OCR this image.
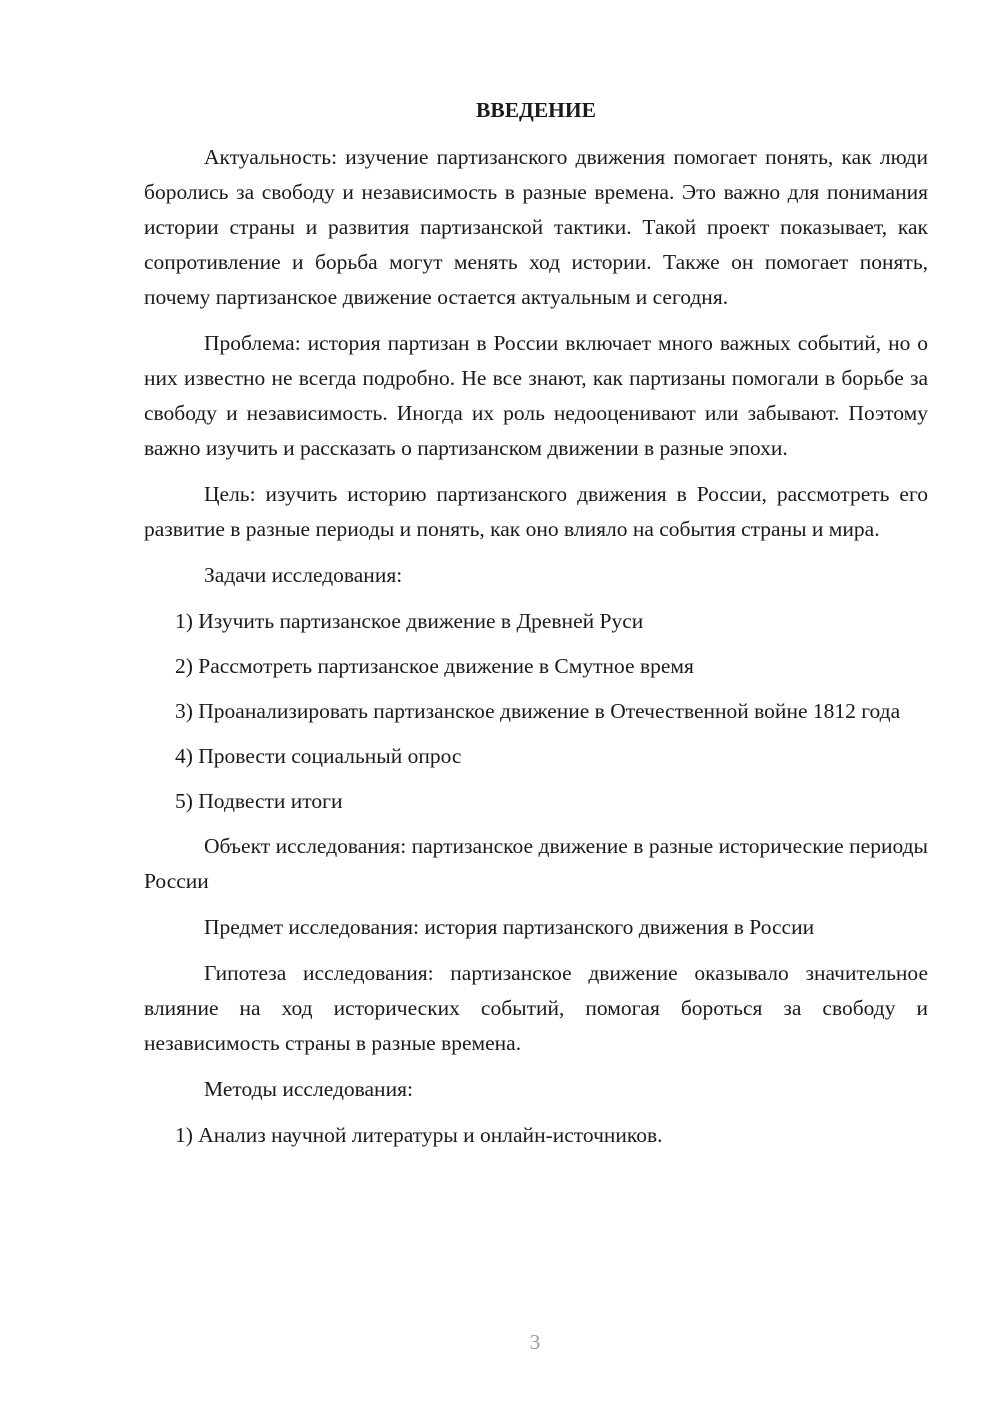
ВВЕДЕНИЕ

Актуальность: изучение партизанского движения помогает понять, как люди боролись за свободу и независимость в разные времена. Это важно для понимания истории страны и развития партизанской тактики. Такой проект показывает, как сопротивление и борьба могут менять ход истории. Также он помогает понять, почему партизанское движение остается актуальным и сегодня.

Проблема: история партизан в России включает много важных событий, но о них известно не всегда подробно. Не все знают, как партизаны помогали в борьбе за свободу и независимость. Иногда их роль недооценивают или забывают. Поэтому важно изучить и рассказать о партизанском движении в разные эпохи.

Цель: изучить историю партизанского движения в России, рассмотреть его развитие в разные периоды и понять, как оно влияло на события страны и мира.

Задачи исследования:

1) Изучить партизанское движение в Древней Руси

2) Рассмотреть партизанское движение в Смутное время

3) Проанализировать партизанское движение в Отечественной войне 1812 года

4) Провести социальный опрос

5) Подвести итоги

Объект исследования: партизанское движение в разные исторические периоды России

Предмет исследования: история партизанского движения в России

Гипотеза исследования: партизанское движение оказывало значительное влияние на ход исторических событий, помогая бороться за свободу и независимость страны в разные времена.

Методы исследования:

1) Анализ научной литературы и онлайн-источников.

3
